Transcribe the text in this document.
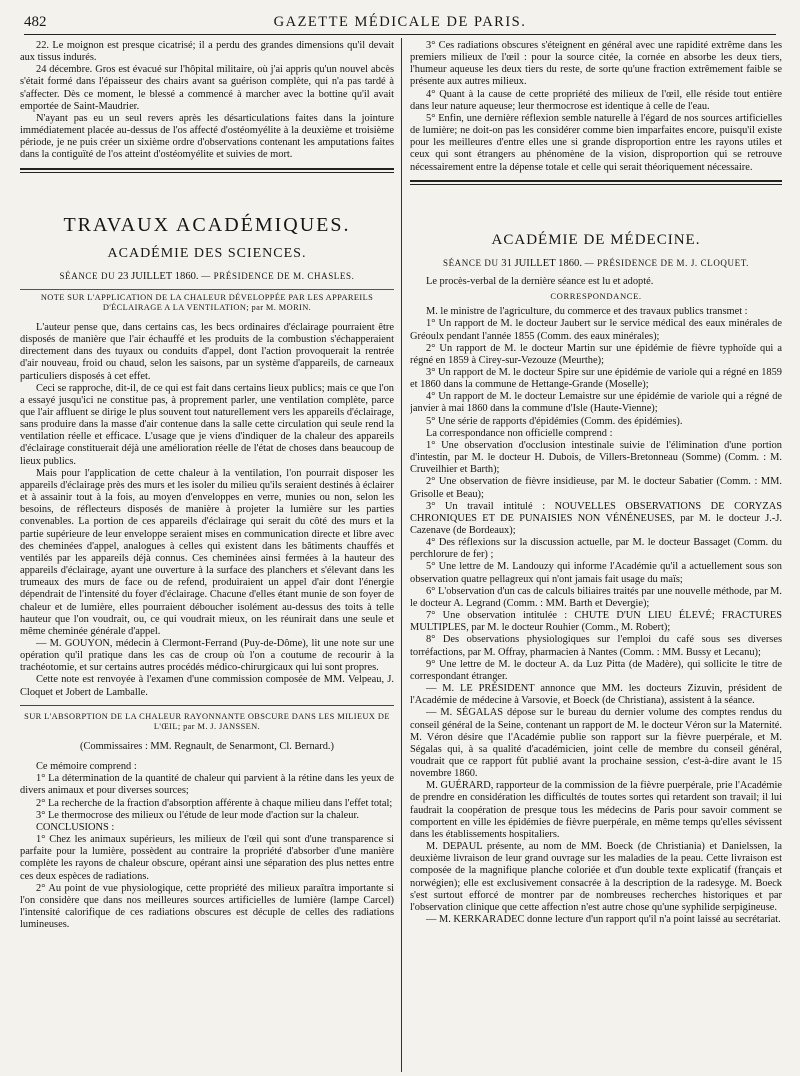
482	GAZETTE MÉDICALE DE PARIS.

22. Le moignon est presque cicatrisé; il a perdu des grandes dimensions qu'il devait aux tissus indurés.

24 décembre. Gros est évacué sur l'hôpital militaire, où j'ai appris qu'un nouvel abcès s'était formé dans l'épaisseur des chairs avant sa guérison complète, qui n'a pas tardé à s'affecter. Dès ce moment, le blessé a commencé à marcher avec la bottine qu'il avait emportée de Saint-Maudrier.

N'ayant pas eu un seul revers après les désarticulations faites dans la jointure immédiatement placée au-dessus de l'os affecté d'ostéomyélite à la deuxième et troisième période, je ne puis créer un sixième ordre d'observations contenant les amputations faites dans la contiguïté de l'os atteint d'ostéomyélite et suivies de mort.

TRAVAUX ACADÉMIQUES.
ACADÉMIE DES SCIENCES.
SÉANCE DU 23 JUILLET 1860. — PRÉSIDENCE DE M. CHASLES.
NOTE SUR L'APPLICATION DE LA CHALEUR DÉVELOPPÉE PAR LES APPAREILS D'ÉCLAIRAGE A LA VENTILATION; par M. MORIN.

L'auteur pense que, dans certains cas, les becs ordinaires d'éclairage pourraient être disposés de manière que l'air échauffé et les produits de la combustion s'échapperaient directement dans des tuyaux ou conduits d'appel, dont l'action provoquerait la rentrée d'air nouveau, froid ou chaud, selon les saisons, par un système d'appareils, de carneaux particuliers disposés à cet effet.

Ceci se rapproche, dit-il, de ce qui est fait dans certains lieux publics; mais ce que l'on a essayé jusqu'ici ne constitue pas, à proprement parler, une ventilation complète, parce que l'air affluent se dirige le plus souvent tout naturellement vers les appareils d'éclairage, sans produire dans la masse d'air contenue dans la salle cette circulation qui seule rend la ventilation réelle et efficace. L'usage que je viens d'indiquer de la chaleur des appareils d'éclairage constituerait déjà une amélioration réelle de l'état de choses dans beaucoup de lieux publics.

Mais pour l'application de cette chaleur à la ventilation, l'on pourrait disposer les appareils d'éclairage près des murs et les isoler du milieu qu'ils seraient destinés à éclairer et à assainir tout à la fois, au moyen d'enveloppes en verre, munies ou non, selon les besoins, de réflecteurs disposés de manière à projeter la lumière sur les parties convenables. La portion de ces appareils d'éclairage qui serait du côté des murs et la partie supérieure de leur enveloppe seraient mises en communication directe et libre avec des cheminées d'appel, analogues à celles qui existent dans les bâtiments chauffés et ventilés par les appareils déjà connus. Ces cheminées ainsi fermées à la hauteur des appareils d'éclairage, ayant une ouverture à la surface des planchers et s'élevant dans les trumeaux des murs de face ou de refend, produiraient un appel d'air dont l'énergie dépendrait de l'intensité du foyer d'éclairage. Chacune d'elles étant munie de son foyer de chaleur et de lumière, elles pourraient déboucher isolément au-dessus des toits à telle hauteur que l'on voudrait, ou, ce qui voudrait mieux, on les réunirait dans une seule et même cheminée générale d'appel.

— M. GOUYON, médecin à Clermont-Ferrand (Puy-de-Dôme), lit une note sur une opération qu'il pratique dans les cas de croup où l'on a coutume de recourir à la trachéotomie, et sur certains autres procédés médico-chirurgicaux qui lui sont propres.

Cette note est renvoyée à l'examen d'une commission composée de MM. Velpeau, J. Cloquet et Jobert de Lamballe.

SUR L'ABSORPTION DE LA CHALEUR RAYONNANTE OBSCURE DANS LES MILIEUX DE L'ŒIL; par M. J. JANSSEN.
(Commissaires : MM. Regnault, de Senarmont, Cl. Bernard.)

Ce mémoire comprend :

1° La détermination de la quantité de chaleur qui parvient à la rétine dans les yeux de divers animaux et pour diverses sources;

2° La recherche de la fraction d'absorption afférente à chaque milieu dans l'effet total;

3° Le thermocrose des milieux ou l'étude de leur mode d'action sur la chaleur.

CONCLUSIONS :

1° Chez les animaux supérieurs, les milieux de l'œil qui sont d'une transparence si parfaite pour la lumière, possèdent au contraire la propriété d'absorber d'une manière complète les rayons de chaleur obscure, opérant ainsi une séparation des plus nettes entre ces deux espèces de radiations.

2° Au point de vue physiologique, cette propriété des milieux paraîtra importante si l'on considère que dans nos meilleures sources artificielles de lumière (lampe Carcel) l'intensité calorifique de ces radiations obscures est décuple de celles des radiations lumineuses.

3° Ces radiations obscures s'éteignent en général avec une rapidité extrême dans les premiers milieux de l'œil : pour la source citée, la cornée en absorbe les deux tiers, l'humeur aqueuse les deux tiers du reste, de sorte qu'une fraction extrêmement faible se présente aux autres milieux.

4° Quant à la cause de cette propriété des milieux de l'œil, elle réside tout entière dans leur nature aqueuse; leur thermocrose est identique à celle de l'eau.

5° Enfin, une dernière réflexion semble naturelle à l'égard de nos sources artificielles de lumière; ne doit-on pas les considérer comme bien imparfaites encore, puisqu'il existe pour les meilleures d'entre elles une si grande disproportion entre les rayons utiles et ceux qui sont étrangers au phénomène de la vision, disproportion qui se retrouve nécessairement entre la dépense totale et celle qui serait théoriquement nécessaire.

ACADÉMIE DE MÉDECINE.
SÉANCE DU 31 JUILLET 1860. — PRÉSIDENCE DE M. J. CLOQUET.

Le procès-verbal de la dernière séance est lu et adopté.

CORRESPONDANCE.

M. le ministre de l'agriculture, du commerce et des travaux publics transmet :

1° Un rapport de M. le docteur Jaubert sur le service médical des eaux minérales de Gréoulx pendant l'année 1855 (Comm. des eaux minérales);

2° Un rapport de M. le docteur Martin sur une épidémie de fièvre typhoïde qui a régné en 1859 à Cirey-sur-Vezouze (Meurthe);

3° Un rapport de M. le docteur Spire sur une épidémie de variole qui a régné en 1859 et 1860 dans la commune de Hettange-Grande (Moselle);

4° Un rapport de M. le docteur Lemaistre sur une épidémie de variole qui a régné de janvier à mai 1860 dans la commune d'Isle (Haute-Vienne);

5° Une série de rapports d'épidémies (Comm. des épidémies).

La correspondance non officielle comprend :

1° Une observation d'occlusion intestinale suivie de l'élimination d'une portion d'intestin, par M. le docteur H. Dubois, de Villers-Bretonneau (Somme) (Comm. : M. Cruveilhier et Barth);

2° Une observation de fièvre insidieuse, par M. le docteur Sabatier (Comm. : MM. Grisolle et Beau);

3° Un travail intitulé : NOUVELLES OBSERVATIONS DE CORYZAS CHRONIQUES ET DE PUNAISIES NON VÉNÉNEUSES, par M. le docteur J.-J. Cazenave (de Bordeaux);

4° Des réflexions sur la discussion actuelle, par M. le docteur Bassaget (Comm. du perchlorure de fer) ;

5° Une lettre de M. Landouzy qui informe l'Académie qu'il a actuellement sous son observation quatre pellagreux qui n'ont jamais fait usage du maïs;

6° L'observation d'un cas de calculs biliaires traités par une nouvelle méthode, par M. le docteur A. Legrand (Comm. : MM. Barth et Devergie);

7° Une observation intitulée : CHUTE D'UN LIEU ÉLEVÉ; FRACTURES MULTIPLES, par M. le docteur Rouhier (Comm., M. Robert);

8° Des observations physiologiques sur l'emploi du café sous ses diverses torréfactions, par M. Offray, pharmacien à Nantes (Comm. : MM. Bussy et Lecanu);

9° Une lettre de M. le docteur A. da Luz Pitta (de Madère), qui sollicite le titre de correspondant étranger.

— M. LE PRÉSIDENT annonce que MM. les docteurs Zizuvin, président de l'Académie de médecine à Varsovie, et Boeck (de Christiana), assistent à la séance.

— M. SÉGALAS dépose sur le bureau du dernier volume des comptes rendus du conseil général de la Seine, contenant un rapport de M. le docteur Véron sur la Maternité. M. Véron désire que l'Académie publie son rapport sur la fièvre puerpérale, et M. Ségalas qui, à sa qualité d'académicien, joint celle de membre du conseil général, voudrait que ce rapport fût publié avant la prochaine session, c'est-à-dire avant le 15 novembre 1860.

M. GUÉRARD, rapporteur de la commission de la fièvre puerpérale, prie l'Académie de prendre en considération les difficultés de toutes sortes qui retardent son travail; il lui faudrait la coopération de presque tous les médecins de Paris pour savoir comment se comportent en ville les épidémies de fièvre puerpérale, en même temps qu'elles sévissent dans les établissements hospitaliers.

M. DEPAUL présente, au nom de MM. Boeck (de Christiania) et Danielssen, la deuxième livraison de leur grand ouvrage sur les maladies de la peau. Cette livraison est composée de la magnifique planche coloriée et d'un double texte explicatif (français et norwégien); elle est exclusivement consacrée à la description de la radesyge. M. Boeck s'est surtout efforcé de montrer par de nombreuses recherches historiques et par l'observation clinique que cette affection n'est autre chose qu'une syphilide serpigineuse.

— M. KERKARADEC donne lecture d'un rapport qu'il n'a point laissé au secrétariat.
